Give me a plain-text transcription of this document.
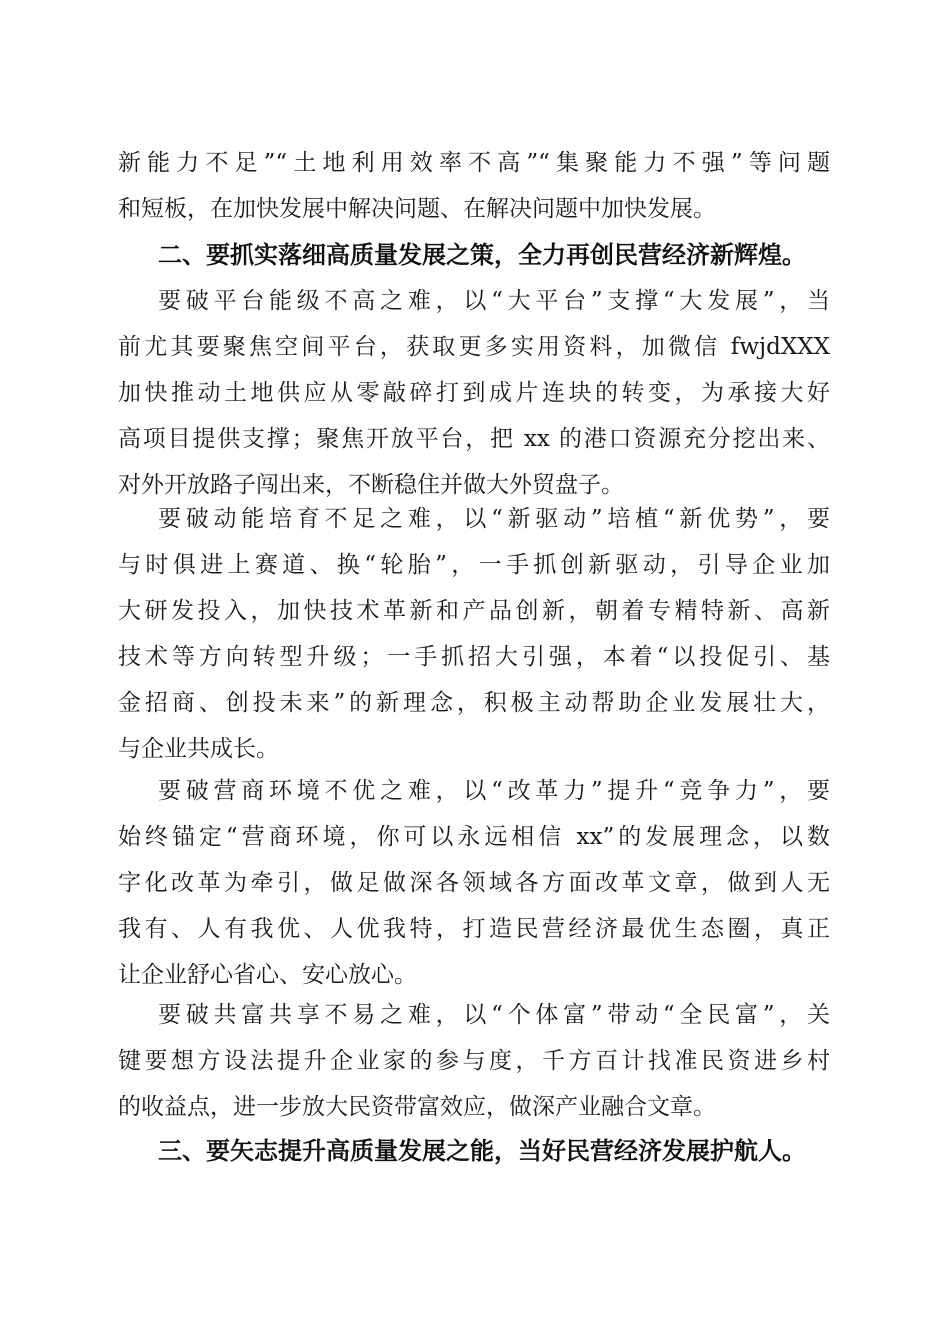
新能力不足”“土地利用效率不高”“集聚能力不强”等问题
和短板，在加快发展中解决问题、在解决问题中加快发展。
二、要抓实落细高质量发展之策，全力再创民营经济新辉煌。
要破平台能级不高之难，以“大平台”支撑“大发展”，当
前尤其要聚焦空间平台，获取更多实用资料，加微信 fwjdXXX
加快推动土地供应从零敲碎打到成片连块的转变，为承接大好
高项目提供支撑；聚焦开放平台，把 xx 的港口资源充分挖出来、
对外开放路子闯出来，不断稳住并做大外贸盘子。
要破动能培育不足之难，以“新驱动”培植“新优势”，要
与时俱进上赛道、换“轮胎”，一手抓创新驱动，引导企业加
大研发投入，加快技术革新和产品创新，朝着专精特新、高新
技术等方向转型升级；一手抓招大引强，本着“以投促引、基
金招商、创投未来”的新理念，积极主动帮助企业发展壮大，
与企业共成长。
要破营商环境不优之难，以“改革力”提升“竞争力”，要
始终锚定“营商环境，你可以永远相信 xx”的发展理念，以数
字化改革为牵引，做足做深各领域各方面改革文章，做到人无
我有、人有我优、人优我特，打造民营经济最优生态圈，真正
让企业舒心省心、安心放心。
要破共富共享不易之难，以“个体富”带动“全民富”，关
键要想方设法提升企业家的参与度，千方百计找准民资进乡村
的收益点，进一步放大民资带富效应，做深产业融合文章。
三、要矢志提升高质量发展之能，当好民营经济发展护航人。
